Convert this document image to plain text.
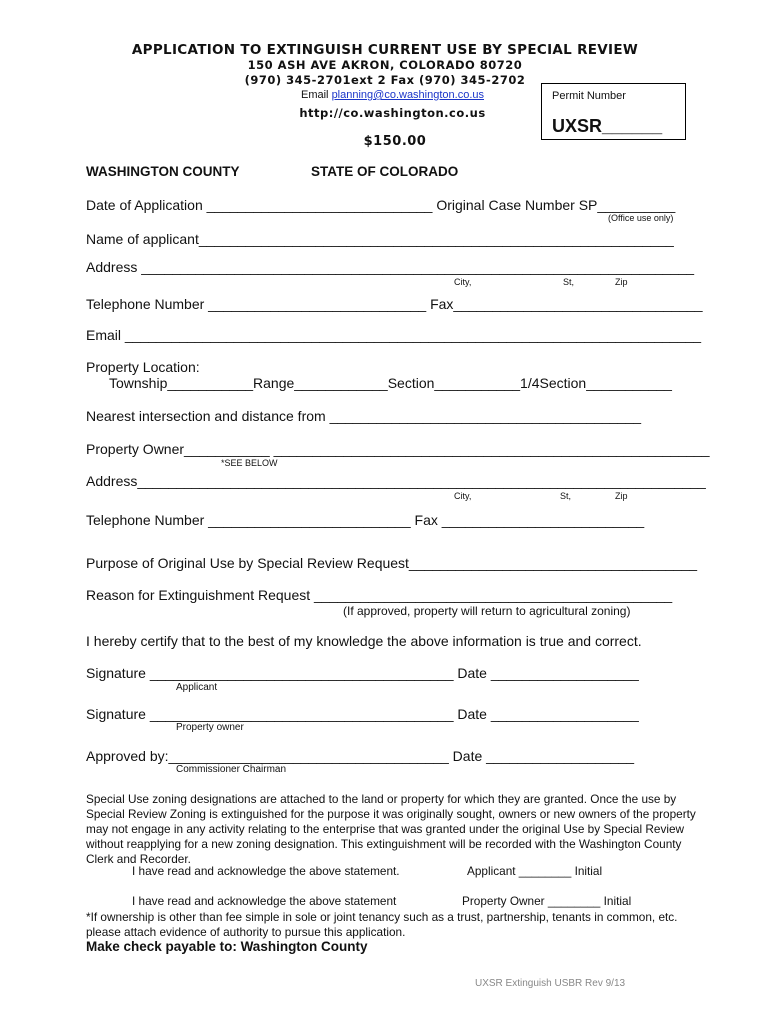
APPLICATION TO EXTINGUISH CURRENT USE BY SPECIAL REVIEW
150 ASH AVE AKRON, COLORADO 80720
(970) 345-2701ext 2 Fax (970) 345-2702
Email planning@co.washington.co.us
http://co.washington.co.us
$150.00
Permit Number
UXSR______
WASHINGTON COUNTY	STATE OF COLORADO
Date of Application _____________________________ Original Case Number SP__________
(Office use only)
Name of applicant_____________________________________________________________
Address _______________________________________________________________________
City,	St,	Zip
Telephone Number ____________________________ Fax________________________________
Email __________________________________________________________________________
Property Location:
Township___________Range____________Section___________1/4Section___________
Nearest intersection and distance from ________________________________________
Property Owner___________ ________________________________________________________
*SEE BELOW
Address_________________________________________________________________________
City,	St,	Zip
Telephone Number __________________________ Fax __________________________
Purpose of Original Use by Special Review Request_____________________________________
Reason for Extinguishment Request ______________________________________________
(If approved, property will return to agricultural zoning)
I hereby certify that to the best of my knowledge the above information is true and correct.
Signature _______________________________________ Date ___________________
Applicant
Signature _______________________________________ Date ___________________
Property owner
Approved by:____________________________________ Date ___________________
Commissioner Chairman
Special Use zoning designations are attached to the land or property for which they are granted. Once the use by Special Review Zoning is extinguished for the purpose it was originally sought, owners or new owners of the property may not engage in any activity relating to the enterprise that was granted under the original Use by Special Review without reapplying for a new zoning designation. This extinguishment will be recorded with the Washington County Clerk and Recorder.
I have read and acknowledge the above statement.	Applicant ________ Initial
I have read and acknowledge the above statement	Property Owner ________ Initial
*If ownership is other than fee simple in sole or joint tenancy such as a trust, partnership, tenants in common, etc. please attach evidence of authority to pursue this application.
Make check payable to: Washington County
UXSR Extinguish USBR Rev 9/13
